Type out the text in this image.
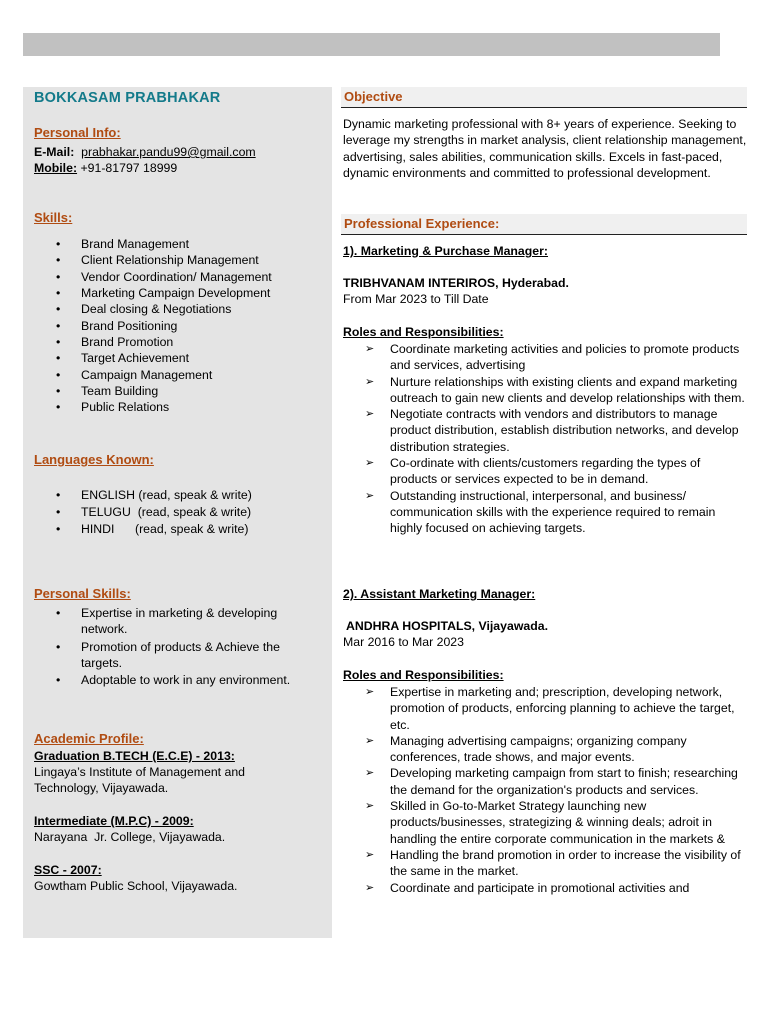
BOKKASAM PRABHAKAR
Personal Info:
E-Mail: prabhakar.pandu99@gmail.com
Mobile: +91-81797 18999
Skills:
• Brand Management
• Client Relationship Management
• Vendor Coordination/ Management
• Marketing Campaign Development
• Deal closing & Negotiations
• Brand Positioning
• Brand Promotion
• Target Achievement
• Campaign Management
• Team Building
• Public Relations
Languages Known:
• ENGLISH (read, speak & write)
• TELUGU  (read, speak & write)
• HINDI      (read, speak & write)
Personal Skills:
• Expertise in marketing & developing network.
• Promotion of products & Achieve the targets.
• Adoptable to work in any environment.
Academic Profile:
Graduation B.TECH (E.C.E) - 2013:
Lingaya’s Institute of Management and
Technology, Vijayawada.
Intermediate (M.P.C) - 2009:
Narayana  Jr. College, Vijayawada.
SSC - 2007:
Gowtham Public School, Vijayawada.
Objective
Dynamic marketing professional with 8+ years of experience. Seeking to leverage my strengths in market analysis, client relationship management, advertising, sales abilities, communication skills. Excels in fast-paced, dynamic environments and committed to professional development.
Professional Experience:
1). Marketing & Purchase Manager:
TRIBHVANAM INTERIROS, Hyderabad.
From Mar 2023 to Till Date
Roles and Responsibilities:
➢ Coordinate marketing activities and policies to promote products and services, advertising
➢ Nurture relationships with existing clients and expand marketing outreach to gain new clients and develop relationships with them.
➢ Negotiate contracts with vendors and distributors to manage product distribution, establish distribution networks, and develop distribution strategies.
➢ Co-ordinate with clients/customers regarding the types of products or services expected to be in demand.
➢ Outstanding instructional, interpersonal, and business/ communication skills with the experience required to remain highly focused on achieving targets.
2). Assistant Marketing Manager:
ANDHRA HOSPITALS, Vijayawada.
Mar 2016 to Mar 2023
Roles and Responsibilities:
➢ Expertise in marketing and; prescription, developing network, promotion of products, enforcing planning to achieve the target, etc.
➢ Managing advertising campaigns; organizing company conferences, trade shows, and major events.
➢ Developing marketing campaign from start to finish; researching the demand for the organization's products and services.
➢ Skilled in Go-to-Market Strategy launching new products/businesses, strategizing & winning deals; adroit in handling the entire corporate communication in the markets &
➢ Handling the brand promotion in order to increase the visibility of the same in the market.
➢ Coordinate and participate in promotional activities and
